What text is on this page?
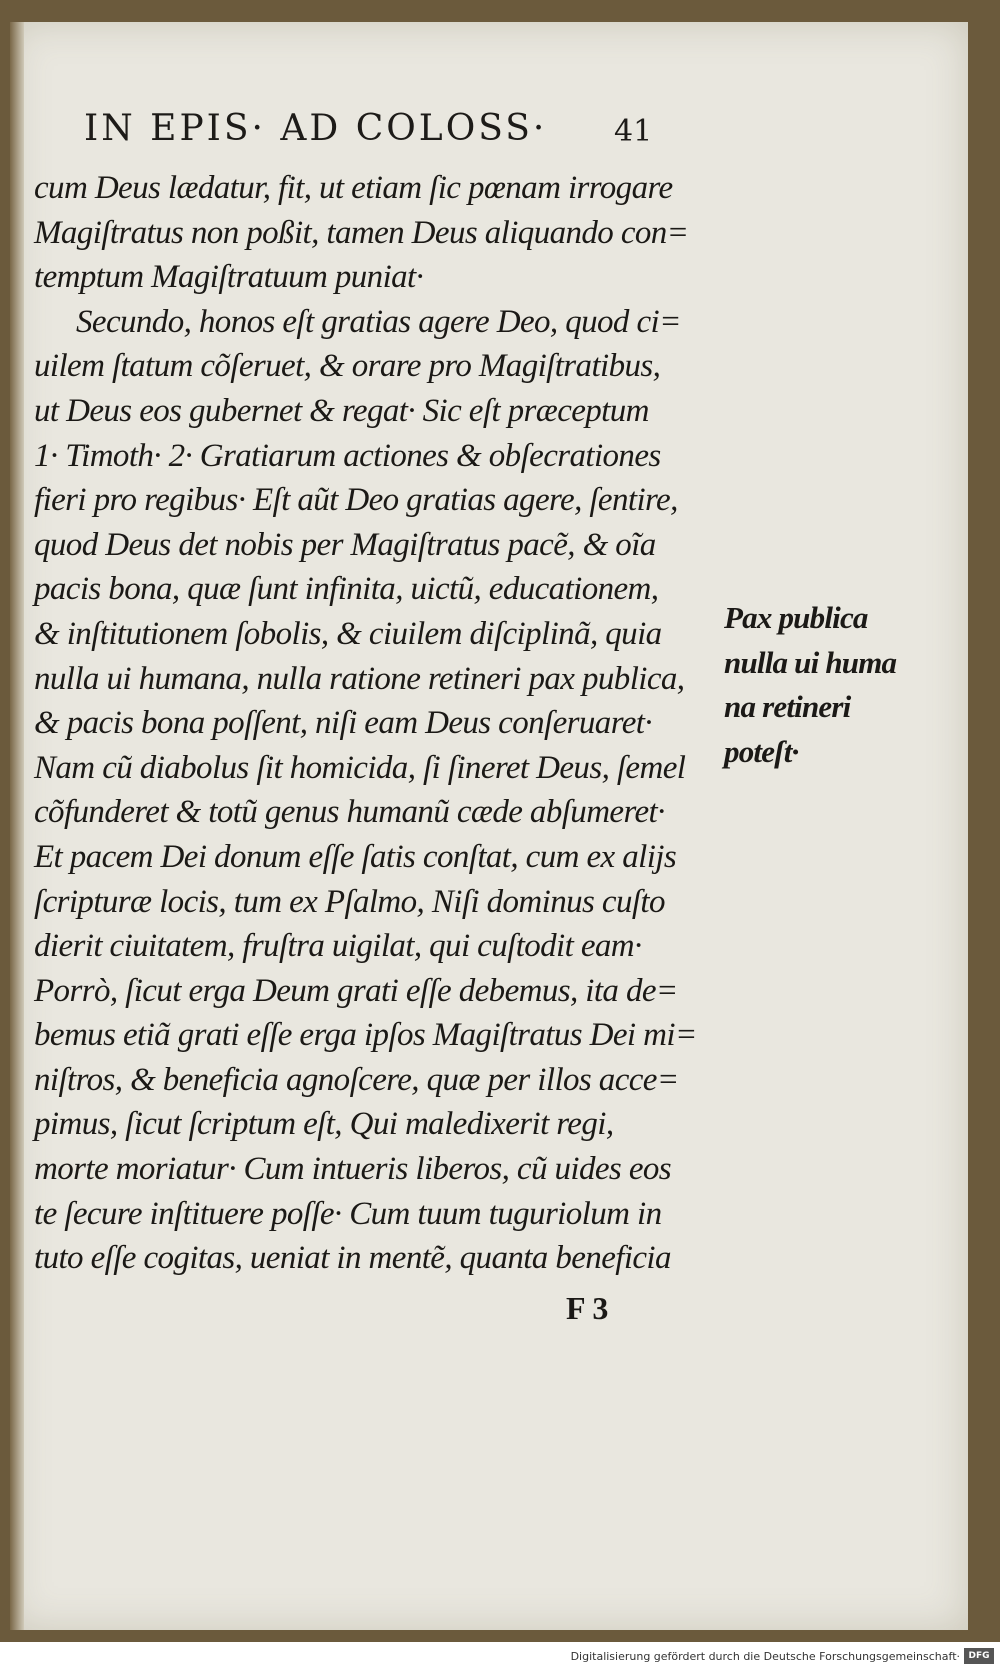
IN EPIS· AD COLOSS· 41
cum Deus lædatur, fit, ut etiam ſic pœnam irrogare
Magiſtratus non poßit, tamen Deus aliquando con=
temptum Magiſtratuum puniat·
Secundo, honos eſt gratias agere Deo, quod ci=
uilem ſtatum cõſeruet, & orare pro Magiſtratibus,
ut Deus eos gubernet & regat· Sic eſt præceptum
1· Timoth· 2· Gratiarum actiones & obſecrationes
fieri pro regibus· Eſt aũt Deo gratias agere, ſentire,
quod Deus det nobis per Magiſtratus pacẽ, & oĩa
pacis bona, quæ ſunt infinita, uictũ, educationem,
& inſtitutionem ſobolis, & ciuilem diſciplinã, quia
nulla ui humana, nulla ratione retineri pax publica,
& pacis bona poſſent, niſi eam Deus conſeruaret·
Nam cũ diabolus ſit homicida, ſi ſineret Deus, ſemel
cõfunderet & totũ genus humanũ cæde abſumeret·
Et pacem Dei donum eſſe ſatis conſtat, cum ex alijs
ſcripturæ locis, tum ex Pſalmo, Niſi dominus cuſto
dierit ciuitatem, fruſtra uigilat, qui cuſtodit eam·
Porrò, ſicut erga Deum grati eſſe debemus, ita de=
bemus etiã grati eſſe erga ipſos Magiſtratus Dei mi=
niſtros, & beneficia agnoſcere, quæ per illos acce=
pimus, ſicut ſcriptum eſt, Qui maledixerit regi,
morte moriatur· Cum intueris liberos, cũ uides eos
te ſecure inſtituere poſſe· Cum tuum tuguriolum in
tuto eſſe cogitas, ueniat in mentẽ, quanta beneficia
Pax publica
nulla ui huma
na retineri
poteſt·
F 3
Digitalisierung gefördert durch die Deutsche Forschungsgemeinschaft· DFG
